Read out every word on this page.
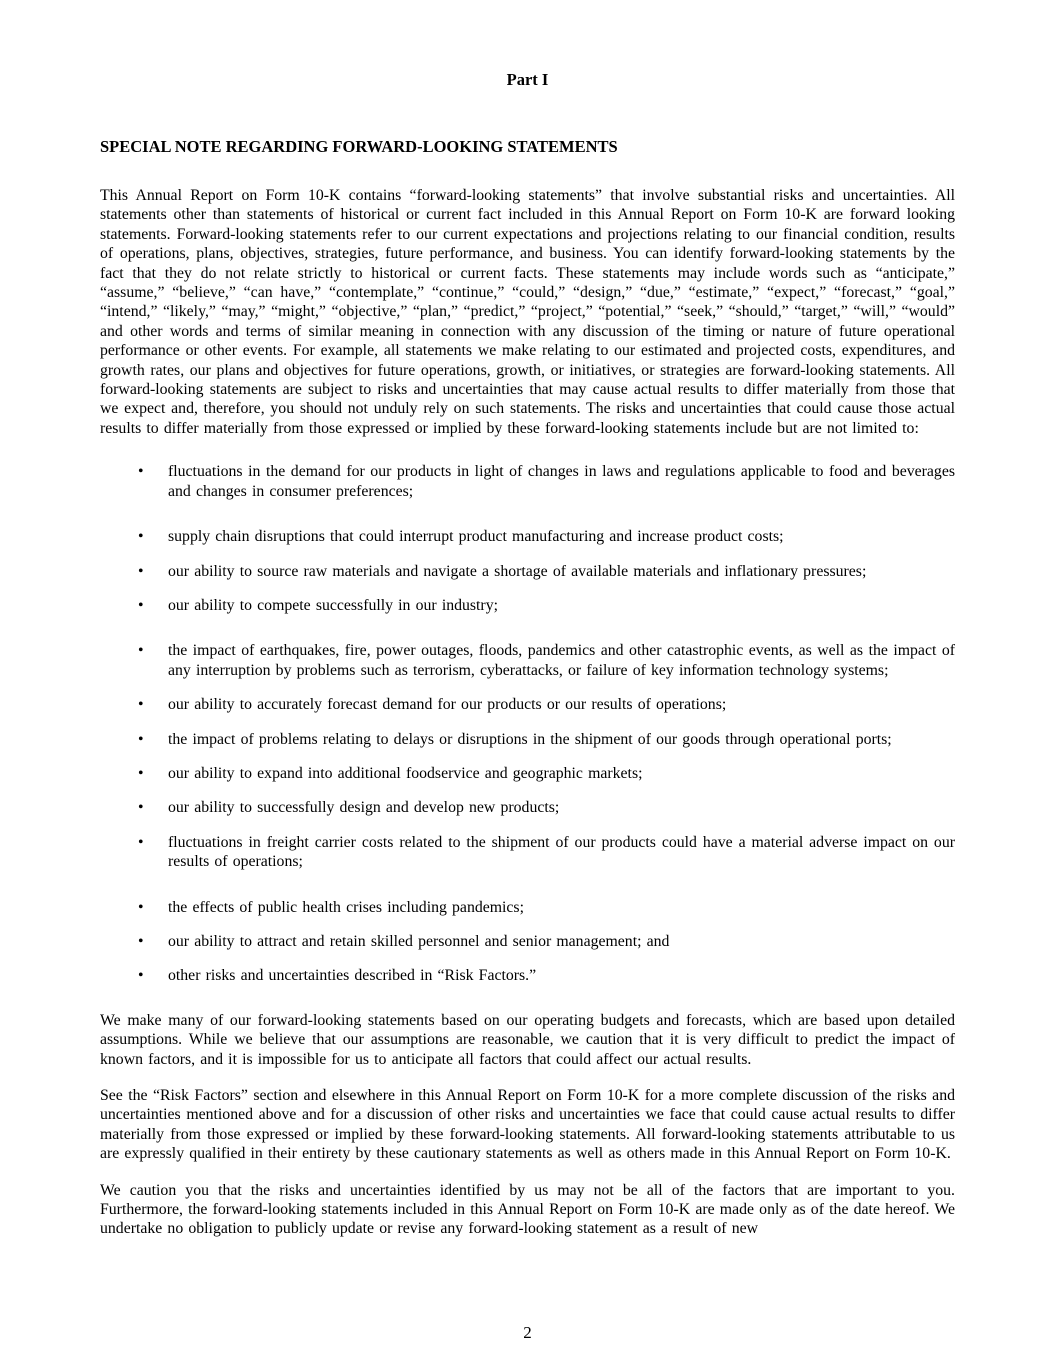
Part I
SPECIAL NOTE REGARDING FORWARD-LOOKING STATEMENTS

This Annual Report on Form 10-K contains “forward-looking statements” that involve substantial risks and uncertainties. All statements other than statements of historical or current fact included in this Annual Report on Form 10-K are forward looking statements. Forward-looking statements refer to our current expectations and projections relating to our financial condition, results of operations, plans, objectives, strategies, future performance, and business. You can identify forward-looking statements by the fact that they do not relate strictly to historical or current facts. These statements may include words such as “anticipate,” “assume,” “believe,” “can have,” “contemplate,” “continue,” “could,” “design,” “due,” “estimate,” “expect,” “forecast,” “goal,” “intend,” “likely,” “may,” “might,” “objective,” “plan,” “predict,” “project,” “potential,” “seek,” “should,” “target,” “will,” “would” and other words and terms of similar meaning in connection with any discussion of the timing or nature of future operational performance or other events. For example, all statements we make relating to our estimated and projected costs, expenditures, and growth rates, our plans and objectives for future operations, growth, or initiatives, or strategies are forward-looking statements. All forward-looking statements are subject to risks and uncertainties that may cause actual results to differ materially from those that we expect and, therefore, you should not unduly rely on such statements. The risks and uncertainties that could cause those actual results to differ materially from those expressed or implied by these forward-looking statements include but are not limited to:

• fluctuations in the demand for our products in light of changes in laws and regulations applicable to food and beverages and changes in consumer preferences;
• supply chain disruptions that could interrupt product manufacturing and increase product costs;
• our ability to source raw materials and navigate a shortage of available materials and inflationary pressures;
• our ability to compete successfully in our industry;
• the impact of earthquakes, fire, power outages, floods, pandemics and other catastrophic events, as well as the impact of any interruption by problems such as terrorism, cyberattacks, or failure of key information technology systems;
• our ability to accurately forecast demand for our products or our results of operations;
• the impact of problems relating to delays or disruptions in the shipment of our goods through operational ports;
• our ability to expand into additional foodservice and geographic markets;
• our ability to successfully design and develop new products;
• fluctuations in freight carrier costs related to the shipment of our products could have a material adverse impact on our results of operations;
• the effects of public health crises including pandemics;
• our ability to attract and retain skilled personnel and senior management; and
• other risks and uncertainties described in “Risk Factors.”

We make many of our forward-looking statements based on our operating budgets and forecasts, which are based upon detailed assumptions. While we believe that our assumptions are reasonable, we caution that it is very difficult to predict the impact of known factors, and it is impossible for us to anticipate all factors that could affect our actual results.

See the “Risk Factors” section and elsewhere in this Annual Report on Form 10-K for a more complete discussion of the risks and uncertainties mentioned above and for a discussion of other risks and uncertainties we face that could cause actual results to differ materially from those expressed or implied by these forward-looking statements. All forward-looking statements attributable to us are expressly qualified in their entirety by these cautionary statements as well as others made in this Annual Report on Form 10-K.

We caution you that the risks and uncertainties identified by us may not be all of the factors that are important to you. Furthermore, the forward-looking statements included in this Annual Report on Form 10-K are made only as of the date hereof. We undertake no obligation to publicly update or revise any forward-looking statement as a result of new

2
